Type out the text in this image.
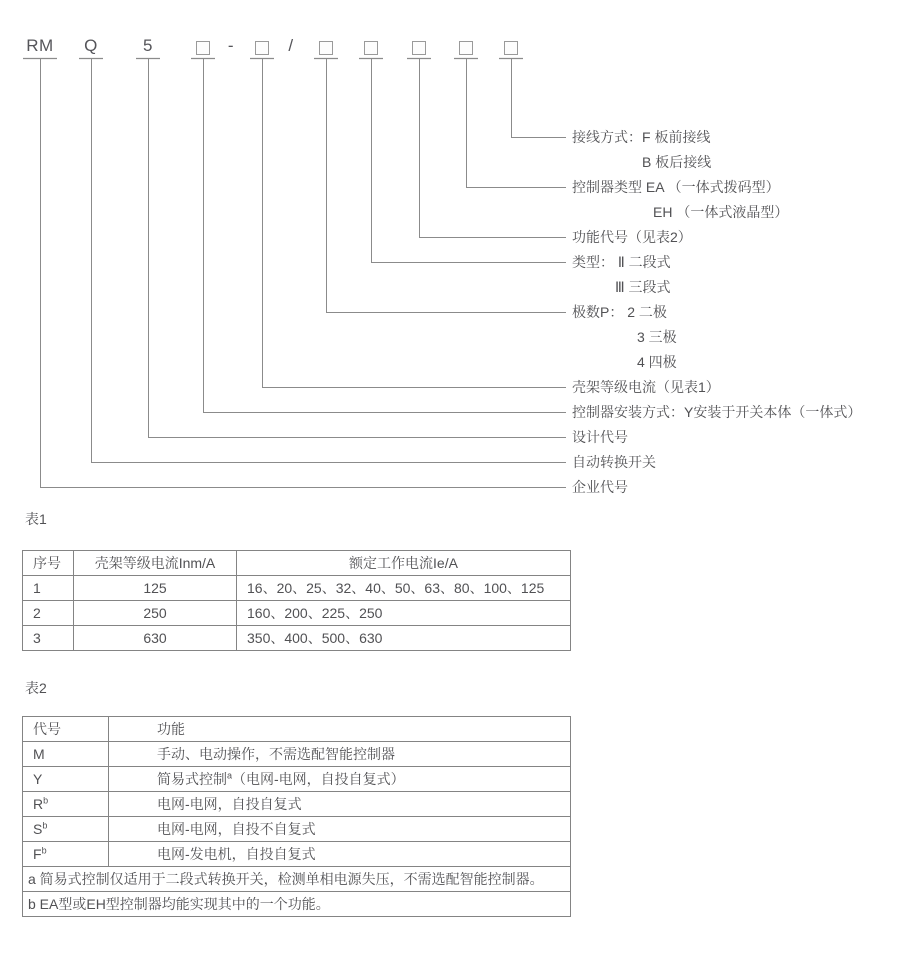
RM	Q	5	-	/
接线方式：F 板前接线
B 板后接线
控制器类型 EA （一体式拨码型）
EH （一体式液晶型）
功能代号（见表2）
类型： Ⅱ 二段式
Ⅲ 三段式
极数P： 2 二极
3 三极
4 四极
壳架等级电流（见表1）
控制器安装方式：Y安装于开关本体（一体式）
设计代号
自动转换开关
企业代号
表1
序号	壳架等级电流Inm/A	额定工作电流Ie/A
1	125	16、20、25、32、40、50、63、80、100、125
2	250	160、200、225、250
3	630	350、400、500、630
表2
代号	功能
M	手动、电动操作，不需选配智能控制器
Y	简易式控制$^a$（电网-电网，自投自复式）
$R^b$	电网-电网，自投自复式
$S^b$	电网-电网，自投不自复式
$F^b$	电网-发电机，自投自复式
a 简易式控制仅适用于二段式转换开关，检测单相电源失压，不需选配智能控制器。	
b EA型或EH型控制器均能实现其中的一个功能。	
